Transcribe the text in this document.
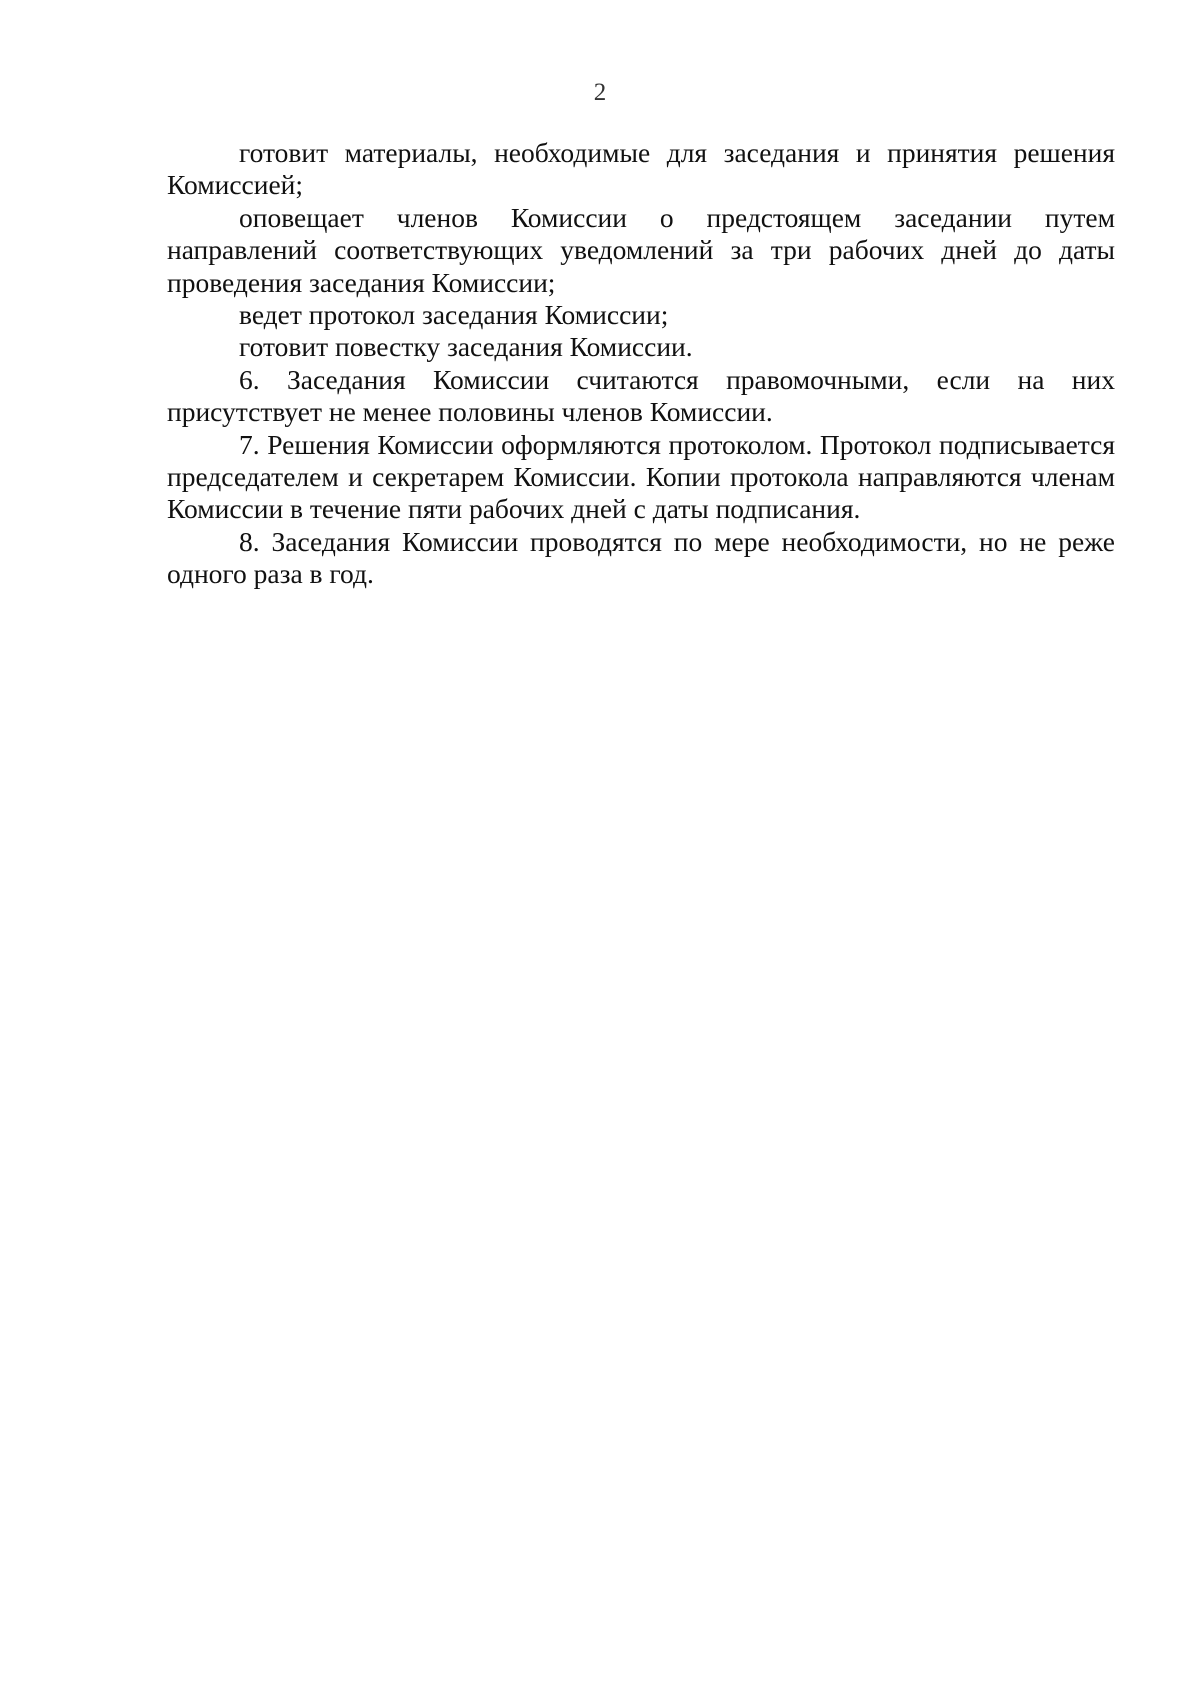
2

готовит материалы, необходимые для заседания и принятия решения Комиссией;

оповещает членов Комиссии о предстоящем заседании путем направлений соответствующих уведомлений за три рабочих дней до даты проведения заседания Комиссии;

ведет протокол заседания Комиссии;

готовит повестку заседания Комиссии.

6. Заседания Комиссии считаются правомочными, если на них присутствует не менее половины членов Комиссии.

7. Решения Комиссии оформляются протоколом. Протокол подписывается председателем и секретарем Комиссии. Копии протокола направляются членам Комиссии в течение пяти рабочих дней с даты подписания.

8. Заседания Комиссии проводятся по мере необходимости, но не реже одного раза в год.
